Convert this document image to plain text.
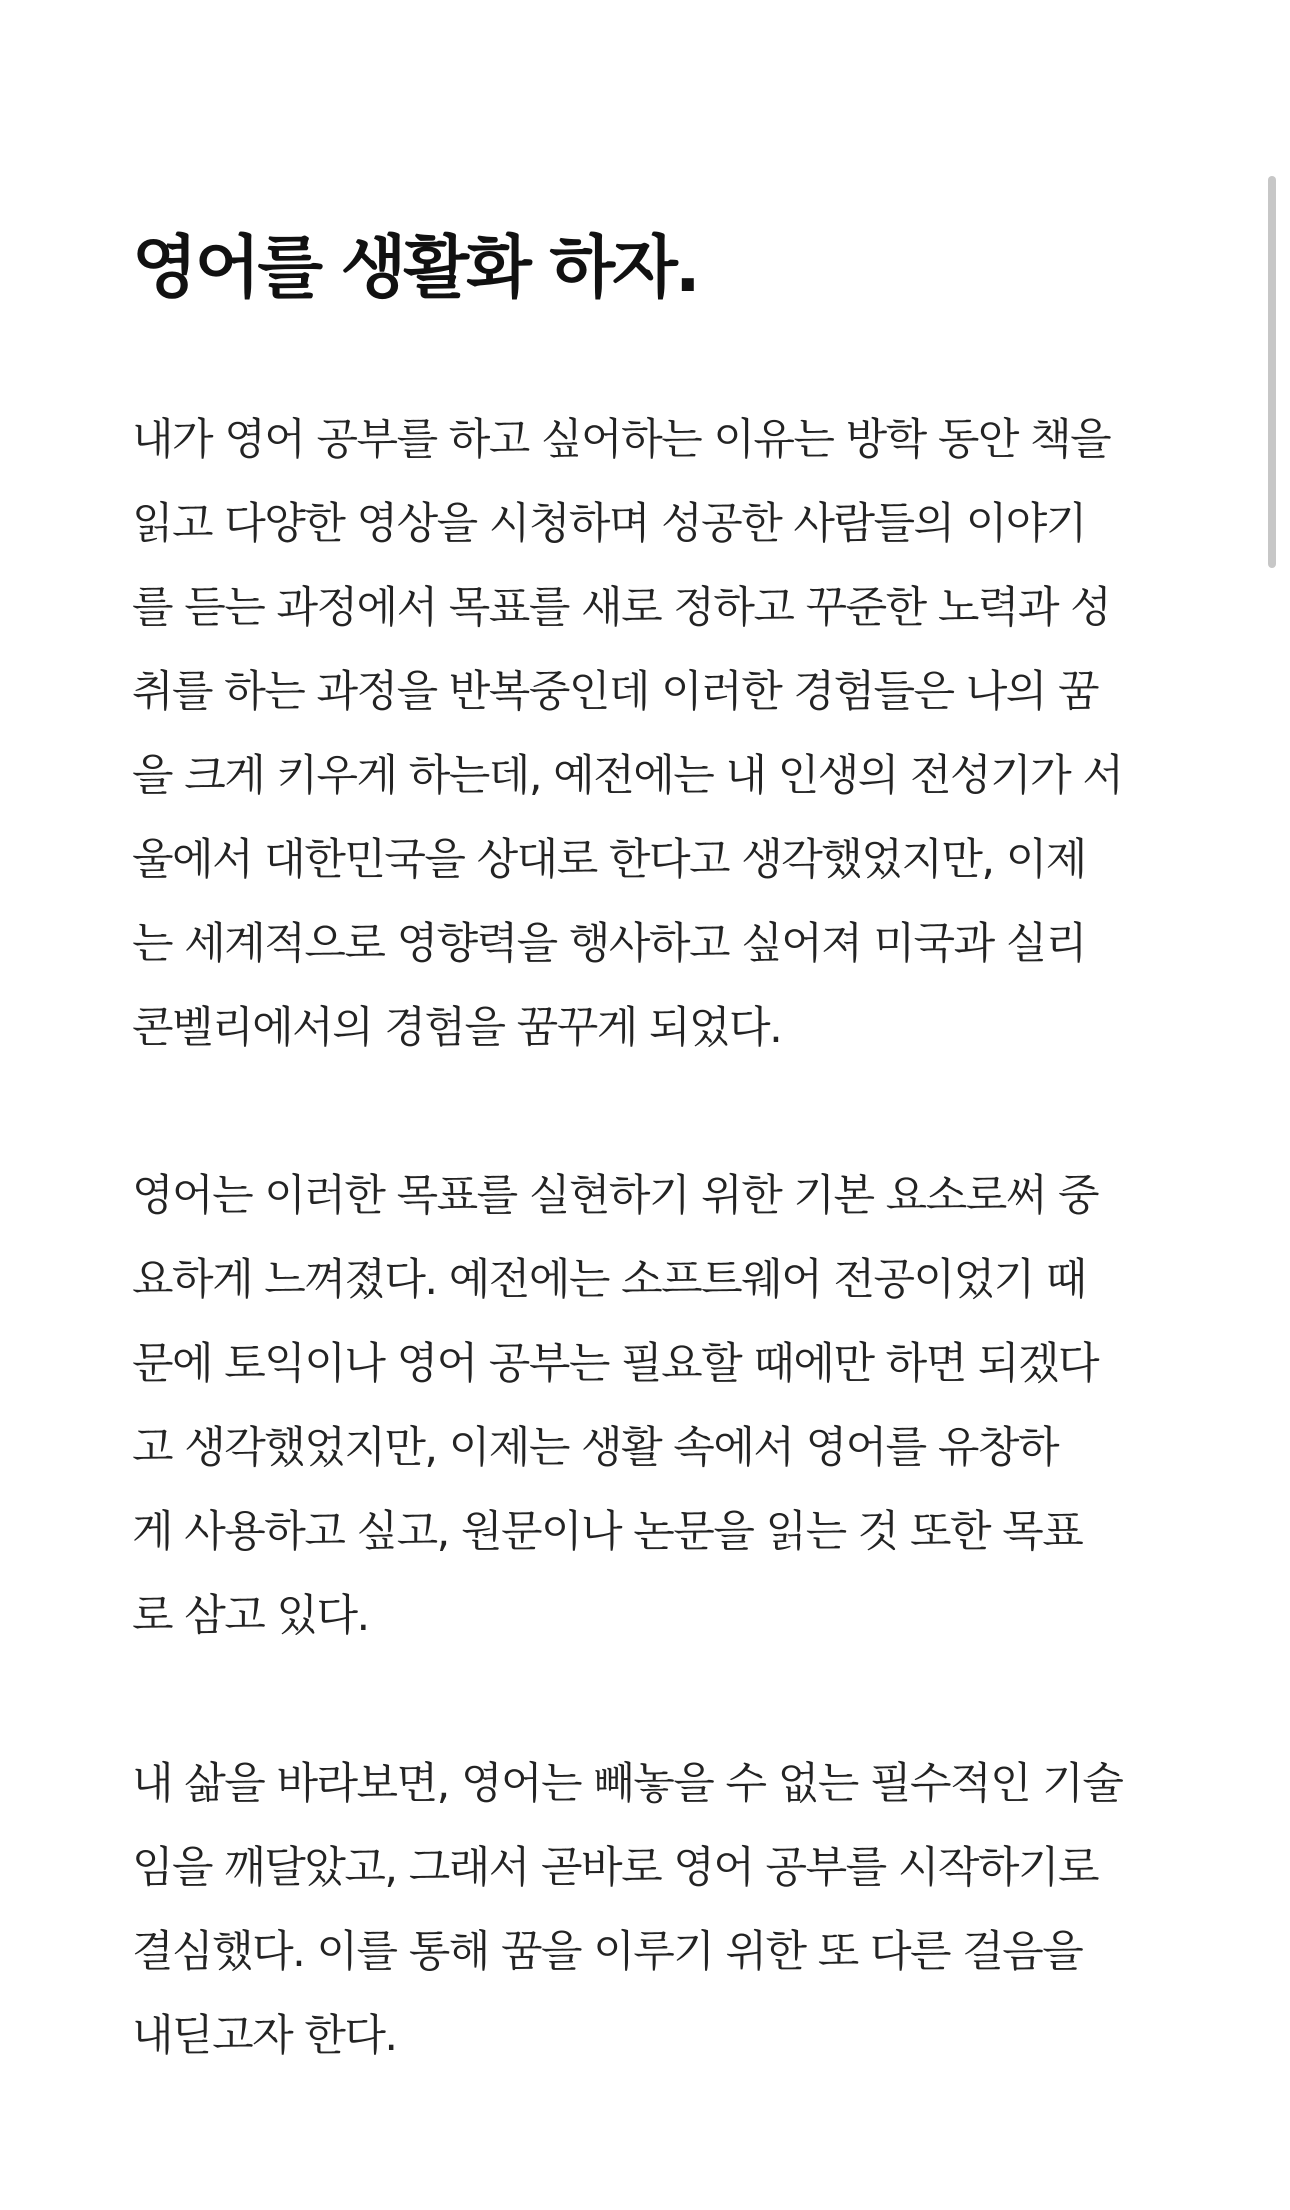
영어를 생활화 하자.

내가 영어 공부를 하고 싶어하는 이유는 방학 동안 책을
읽고 다양한 영상을 시청하며 성공한 사람들의 이야기
를 듣는 과정에서 목표를 새로 정하고 꾸준한 노력과 성
취를 하는 과정을 반복중인데 이러한 경험들은 나의 꿈
을 크게 키우게 하는데, 예전에는 내 인생의 전성기가 서
울에서 대한민국을 상대로 한다고 생각했었지만, 이제
는 세계적으로 영향력을 행사하고 싶어져 미국과 실리
콘벨리에서의 경험을 꿈꾸게 되었다.

영어는 이러한 목표를 실현하기 위한 기본 요소로써 중
요하게 느껴졌다. 예전에는 소프트웨어 전공이었기 때
문에 토익이나 영어 공부는 필요할 때에만 하면 되겠다
고 생각했었지만, 이제는 생활 속에서 영어를 유창하
게 사용하고 싶고, 원문이나 논문을 읽는 것 또한 목표
로 삼고 있다.

내 삶을 바라보면, 영어는 빼놓을 수 없는 필수적인 기술
임을 깨달았고, 그래서 곧바로 영어 공부를 시작하기로
결심했다. 이를 통해 꿈을 이루기 위한 또 다른 걸음을
내딛고자 한다.
